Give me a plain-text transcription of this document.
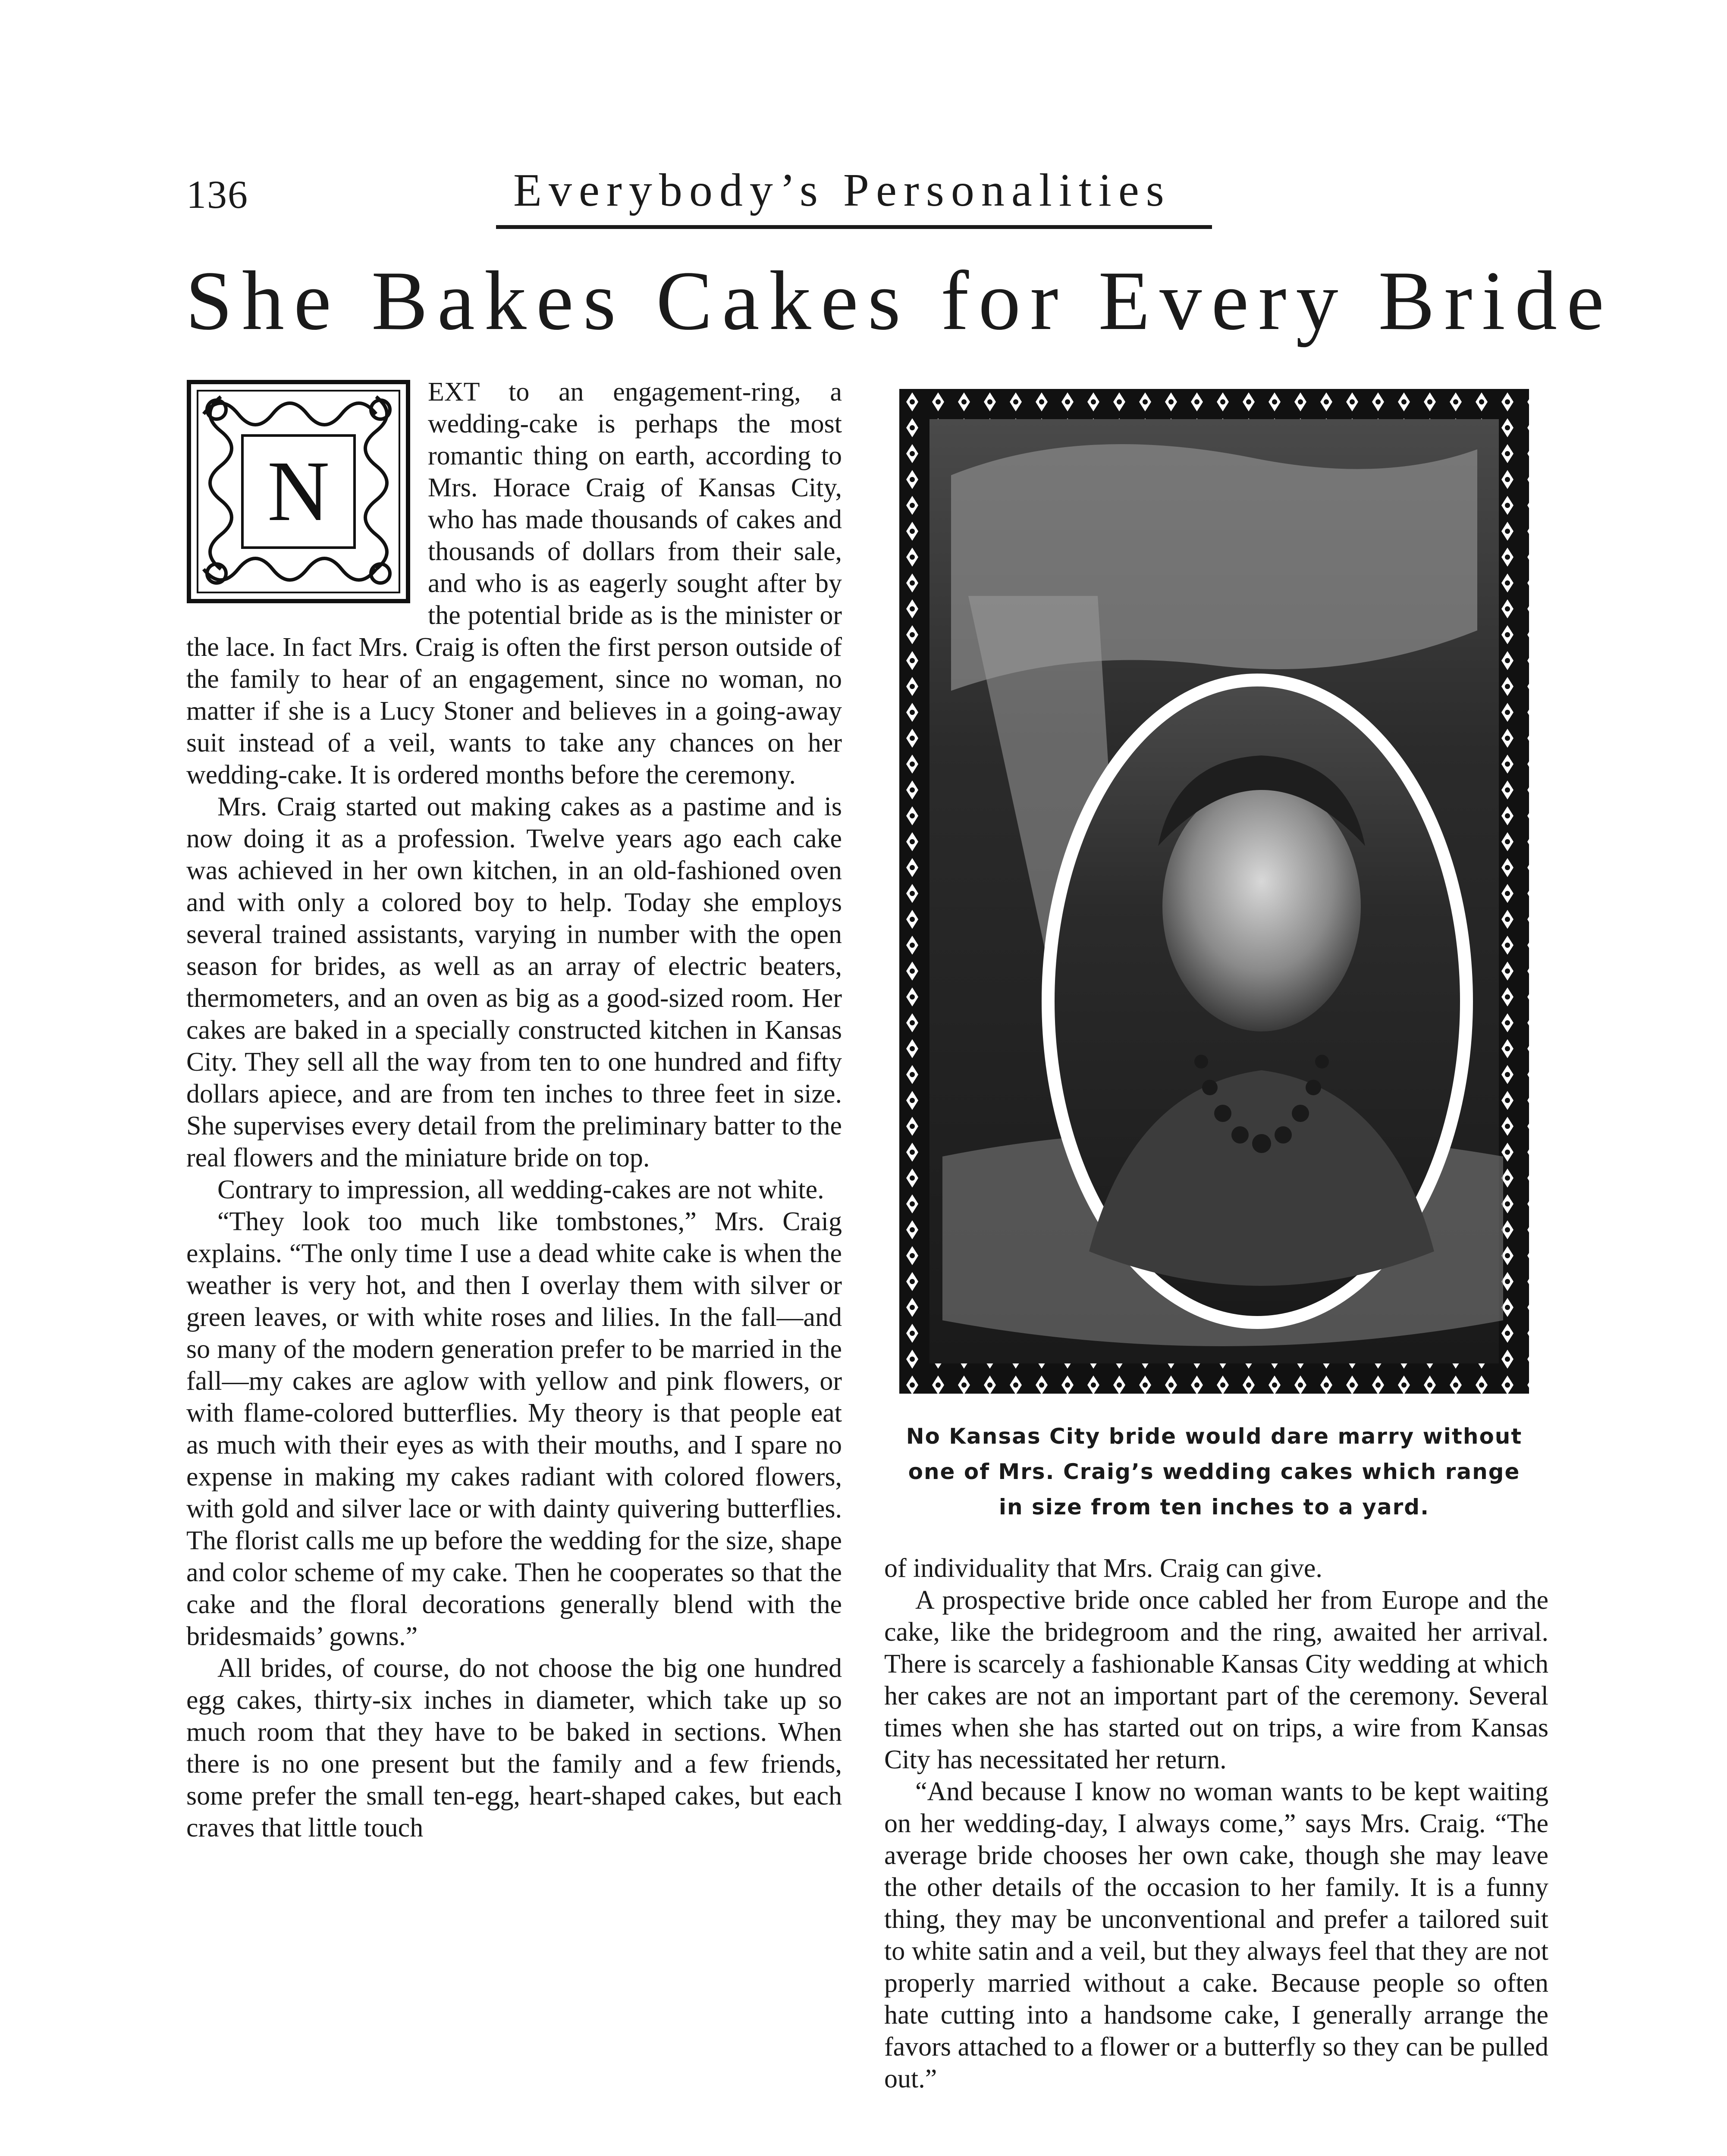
136	Everybody’s Personalities
She Bakes Cakes for Every Bride
N

EXT to an engagement-ring, a wedding-cake is perhaps the most romantic thing on earth, according to Mrs. Horace Craig of Kansas City, who has made thousands of cakes and thousands of dollars from their sale, and who is as eagerly sought after by the potential bride as is the minister or the lace. In fact Mrs. Craig is often the first person outside of the family to hear of an engagement, since no woman, no matter if she is a Lucy Stoner and believes in a going-away suit instead of a veil, wants to take any chances on her wedding-cake. It is ordered months before the ceremony.

Mrs. Craig started out making cakes as a pastime and is now doing it as a profession. Twelve years ago each cake was achieved in her own kitchen, in an old-fashioned oven and with only a colored boy to help. Today she employs several trained assistants, varying in number with the open season for brides, as well as an array of electric beaters, thermometers, and an oven as big as a good-sized room. Her cakes are baked in a specially constructed kitchen in Kansas City. They sell all the way from ten to one hundred and fifty dollars apiece, and are from ten inches to three feet in size. She supervises every detail from the preliminary batter to the real flowers and the miniature bride on top.

Contrary to impression, all wedding-cakes are not white.

“They look too much like tombstones,” Mrs. Craig explains. “The only time I use a dead white cake is when the weather is very hot, and then I overlay them with silver or green leaves, or with white roses and lilies. In the fall—and so many of the modern generation prefer to be married in the fall—my cakes are aglow with yellow and pink flowers, or with flame-colored butterflies. My theory is that people eat as much with their eyes as with their mouths, and I spare no expense in making my cakes radiant with colored flowers, with gold and silver lace or with dainty quivering butterflies. The florist calls me up before the wedding for the size, shape and color scheme of my cake. Then he cooperates so that the cake and the floral decorations generally blend with the bridesmaids’ gowns.”

All brides, of course, do not choose the big one hundred egg cakes, thirty-six inches in diameter, which take up so much room that they have to be baked in sections. When there is no one present but the family and a few friends, some prefer the small ten-egg, heart-shaped cakes, but each craves that little touch

No Kansas City bride would dare marry without one of Mrs. Craig’s wedding cakes which range in size from ten inches to a yard.

of individuality that Mrs. Craig can give.

A prospective bride once cabled her from Europe and the cake, like the bridegroom and the ring, awaited her arrival. There is scarcely a fashionable Kansas City wedding at which her cakes are not an important part of the ceremony. Several times when she has started out on trips, a wire from Kansas City has necessitated her return.

“And because I know no woman wants to be kept waiting on her wedding-day, I always come,” says Mrs. Craig. “The average bride chooses her own cake, though she may leave the other details of the occasion to her family. It is a funny thing, they may be unconventional and prefer a tailored suit to white satin and a veil, but they always feel that they are not properly married without a cake. Because people so often hate cutting into a handsome cake, I generally arrange the favors attached to a flower or a butterfly so they can be pulled out.”
